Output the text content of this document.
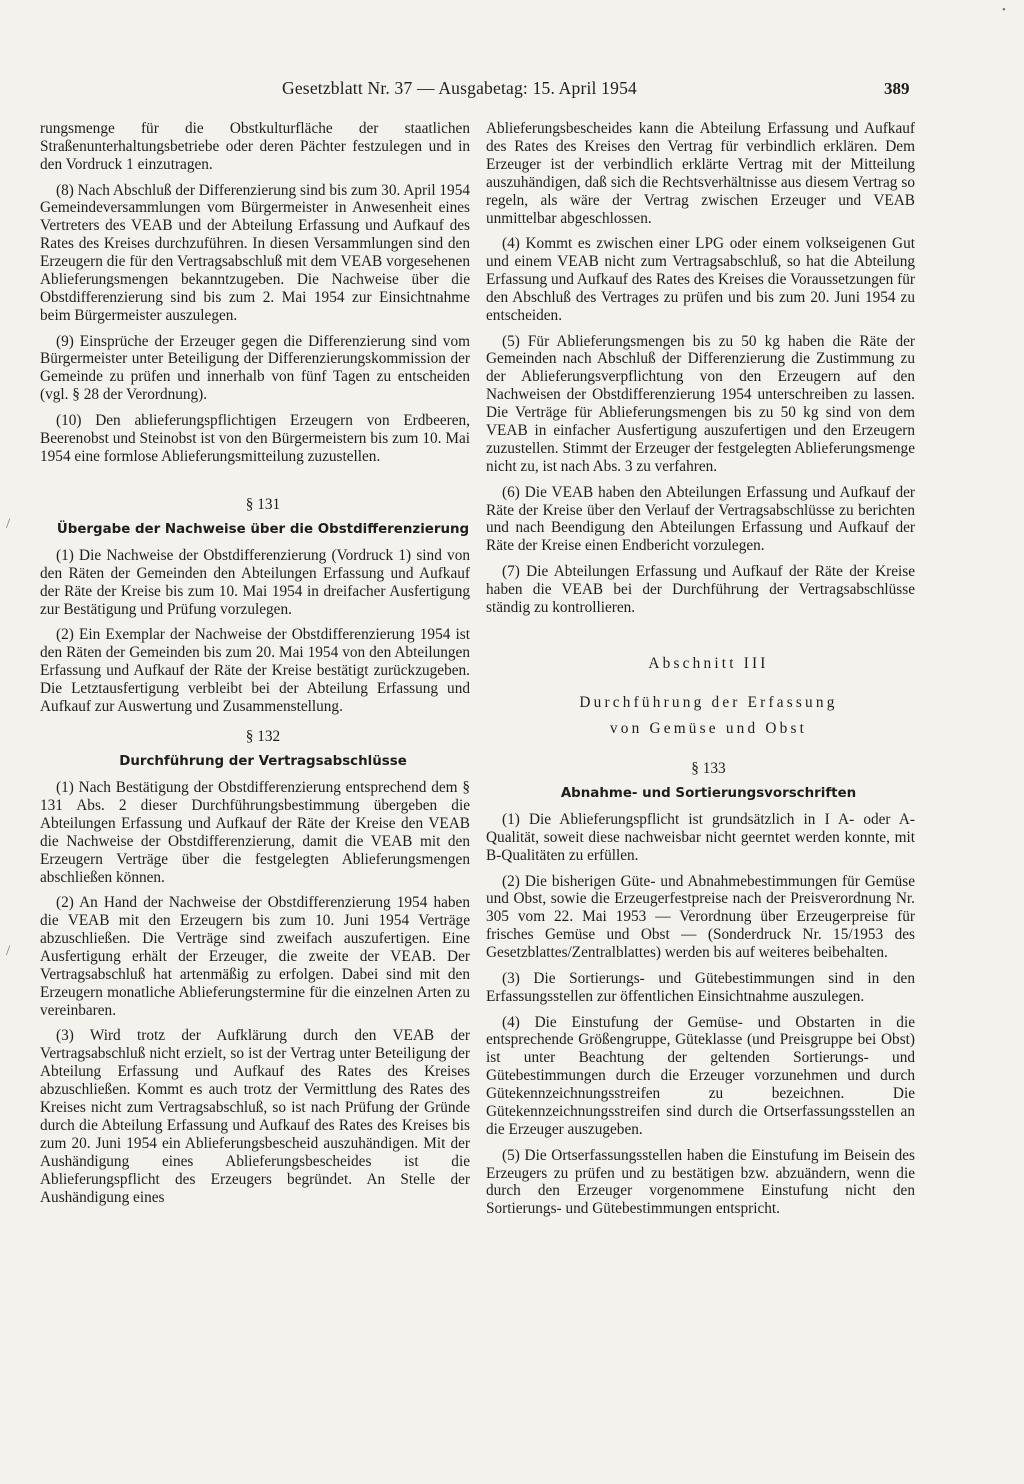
Gesetzblatt Nr. 37 — Ausgabetag: 15. April 1954	389

rungsmenge für die Obstkulturfläche der staatlichen Straßenunterhaltungsbetriebe oder deren Pächter festzulegen und in den Vordruck 1 einzutragen.

(8) Nach Abschluß der Differenzierung sind bis zum 30. April 1954 Gemeindeversammlungen vom Bürgermeister in Anwesenheit eines Vertreters des VEAB und der Abteilung Erfassung und Aufkauf des Rates des Kreises durchzuführen. In diesen Versammlungen sind den Erzeugern die für den Vertragsabschluß mit dem VEAB vorgesehenen Ablieferungsmengen bekanntzugeben. Die Nachweise über die Obstdifferenzierung sind bis zum 2. Mai 1954 zur Einsichtnahme beim Bürgermeister auszulegen.

(9) Einsprüche der Erzeuger gegen die Differenzierung sind vom Bürgermeister unter Beteiligung der Differenzierungskommission der Gemeinde zu prüfen und innerhalb von fünf Tagen zu entscheiden (vgl. § 28 der Verordnung).

(10) Den ablieferungspflichtigen Erzeugern von Erdbeeren, Beerenobst und Steinobst ist von den Bürgermeistern bis zum 10. Mai 1954 eine formlose Ablieferungsmitteilung zuzustellen.

§ 131

Übergabe der Nachweise über die Obstdifferenzierung

(1) Die Nachweise der Obstdifferenzierung (Vordruck 1) sind von den Räten der Gemeinden den Abteilungen Erfassung und Aufkauf der Räte der Kreise bis zum 10. Mai 1954 in dreifacher Ausfertigung zur Bestätigung und Prüfung vorzulegen.

(2) Ein Exemplar der Nachweise der Obstdifferenzierung 1954 ist den Räten der Gemeinden bis zum 20. Mai 1954 von den Abteilungen Erfassung und Aufkauf der Räte der Kreise bestätigt zurückzugeben. Die Letztausfertigung verbleibt bei der Abteilung Erfassung und Aufkauf zur Auswertung und Zusammenstellung.

§ 132

Durchführung der Vertragsabschlüsse

(1) Nach Bestätigung der Obstdifferenzierung entsprechend dem § 131 Abs. 2 dieser Durchführungsbestimmung übergeben die Abteilungen Erfassung und Aufkauf der Räte der Kreise den VEAB die Nachweise der Obstdifferenzierung, damit die VEAB mit den Erzeugern Verträge über die festgelegten Ablieferungsmengen abschließen können.

(2) An Hand der Nachweise der Obstdifferenzierung 1954 haben die VEAB mit den Erzeugern bis zum 10. Juni 1954 Verträge abzuschließen. Die Verträge sind zweifach auszufertigen. Eine Ausfertigung erhält der Erzeuger, die zweite der VEAB. Der Vertragsabschluß hat artenmäßig zu erfolgen. Dabei sind mit den Erzeugern monatliche Ablieferungstermine für die einzelnen Arten zu vereinbaren.

(3) Wird trotz der Aufklärung durch den VEAB der Vertragsabschluß nicht erzielt, so ist der Vertrag unter Beteiligung der Abteilung Erfassung und Aufkauf des Rates des Kreises abzuschließen. Kommt es auch trotz der Vermittlung des Rates des Kreises nicht zum Vertragsabschluß, so ist nach Prüfung der Gründe durch die Abteilung Erfassung und Aufkauf des Rates des Kreises bis zum 20. Juni 1954 ein Ablieferungsbescheid auszuhändigen. Mit der Aushändigung eines Ablieferungsbescheides ist die Ablieferungspflicht des Erzeugers begründet. An Stelle der Aushändigung eines

Ablieferungsbescheides kann die Abteilung Erfassung und Aufkauf des Rates des Kreises den Vertrag für verbindlich erklären. Dem Erzeuger ist der verbindlich erklärte Vertrag mit der Mitteilung auszuhändigen, daß sich die Rechtsverhältnisse aus diesem Vertrag so regeln, als wäre der Vertrag zwischen Erzeuger und VEAB unmittelbar abgeschlossen.

(4) Kommt es zwischen einer LPG oder einem volkseigenen Gut und einem VEAB nicht zum Vertragsabschluß, so hat die Abteilung Erfassung und Aufkauf des Rates des Kreises die Voraussetzungen für den Abschluß des Vertrages zu prüfen und bis zum 20. Juni 1954 zu entscheiden.

(5) Für Ablieferungsmengen bis zu 50 kg haben die Räte der Gemeinden nach Abschluß der Differenzierung die Zustimmung zu der Ablieferungsverpflichtung von den Erzeugern auf den Nachweisen der Obstdifferenzierung 1954 unterschreiben zu lassen. Die Verträge für Ablieferungsmengen bis zu 50 kg sind von dem VEAB in einfacher Ausfertigung auszufertigen und den Erzeugern zuzustellen. Stimmt der Erzeuger der festgelegten Ablieferungsmenge nicht zu, ist nach Abs. 3 zu verfahren.

(6) Die VEAB haben den Abteilungen Erfassung und Aufkauf der Räte der Kreise über den Verlauf der Vertragsabschlüsse zu berichten und nach Beendigung den Abteilungen Erfassung und Aufkauf der Räte der Kreise einen Endbericht vorzulegen.

(7) Die Abteilungen Erfassung und Aufkauf der Räte der Kreise haben die VEAB bei der Durchführung der Vertragsabschlüsse ständig zu kontrollieren.

Abschnitt III

Durchführung der Erfassung

von Gemüse und Obst

§ 133

Abnahme- und Sortierungsvorschriften

(1) Die Ablieferungspflicht ist grundsätzlich in I A- oder A-Qualität, soweit diese nachweisbar nicht geerntet werden konnte, mit B-Qualitäten zu erfüllen.

(2) Die bisherigen Güte- und Abnahmebestimmungen für Gemüse und Obst, sowie die Erzeugerfestpreise nach der Preisverordnung Nr. 305 vom 22. Mai 1953 — Verordnung über Erzeugerpreise für frisches Gemüse und Obst — (Sonderdruck Nr. 15/1953 des Gesetzblattes/Zentralblattes) werden bis auf weiteres beibehalten.

(3) Die Sortierungs- und Gütebestimmungen sind in den Erfassungsstellen zur öffentlichen Einsichtnahme auszulegen.

(4) Die Einstufung der Gemüse- und Obstarten in die entsprechende Größengruppe, Güteklasse (und Preisgruppe bei Obst) ist unter Beachtung der geltenden Sortierungs- und Gütebestimmungen durch die Erzeuger vorzunehmen und durch Gütekennzeichnungsstreifen zu bezeichnen. Die Gütekennzeichnungsstreifen sind durch die Ortserfassungsstellen an die Erzeuger auszugeben.

(5) Die Ortserfassungsstellen haben die Einstufung im Beisein des Erzeugers zu prüfen und zu bestätigen bzw. abzuändern, wenn die durch den Erzeuger vorgenommene Einstufung nicht den Sortierungs- und Gütebestimmungen entspricht.

/
/
•
